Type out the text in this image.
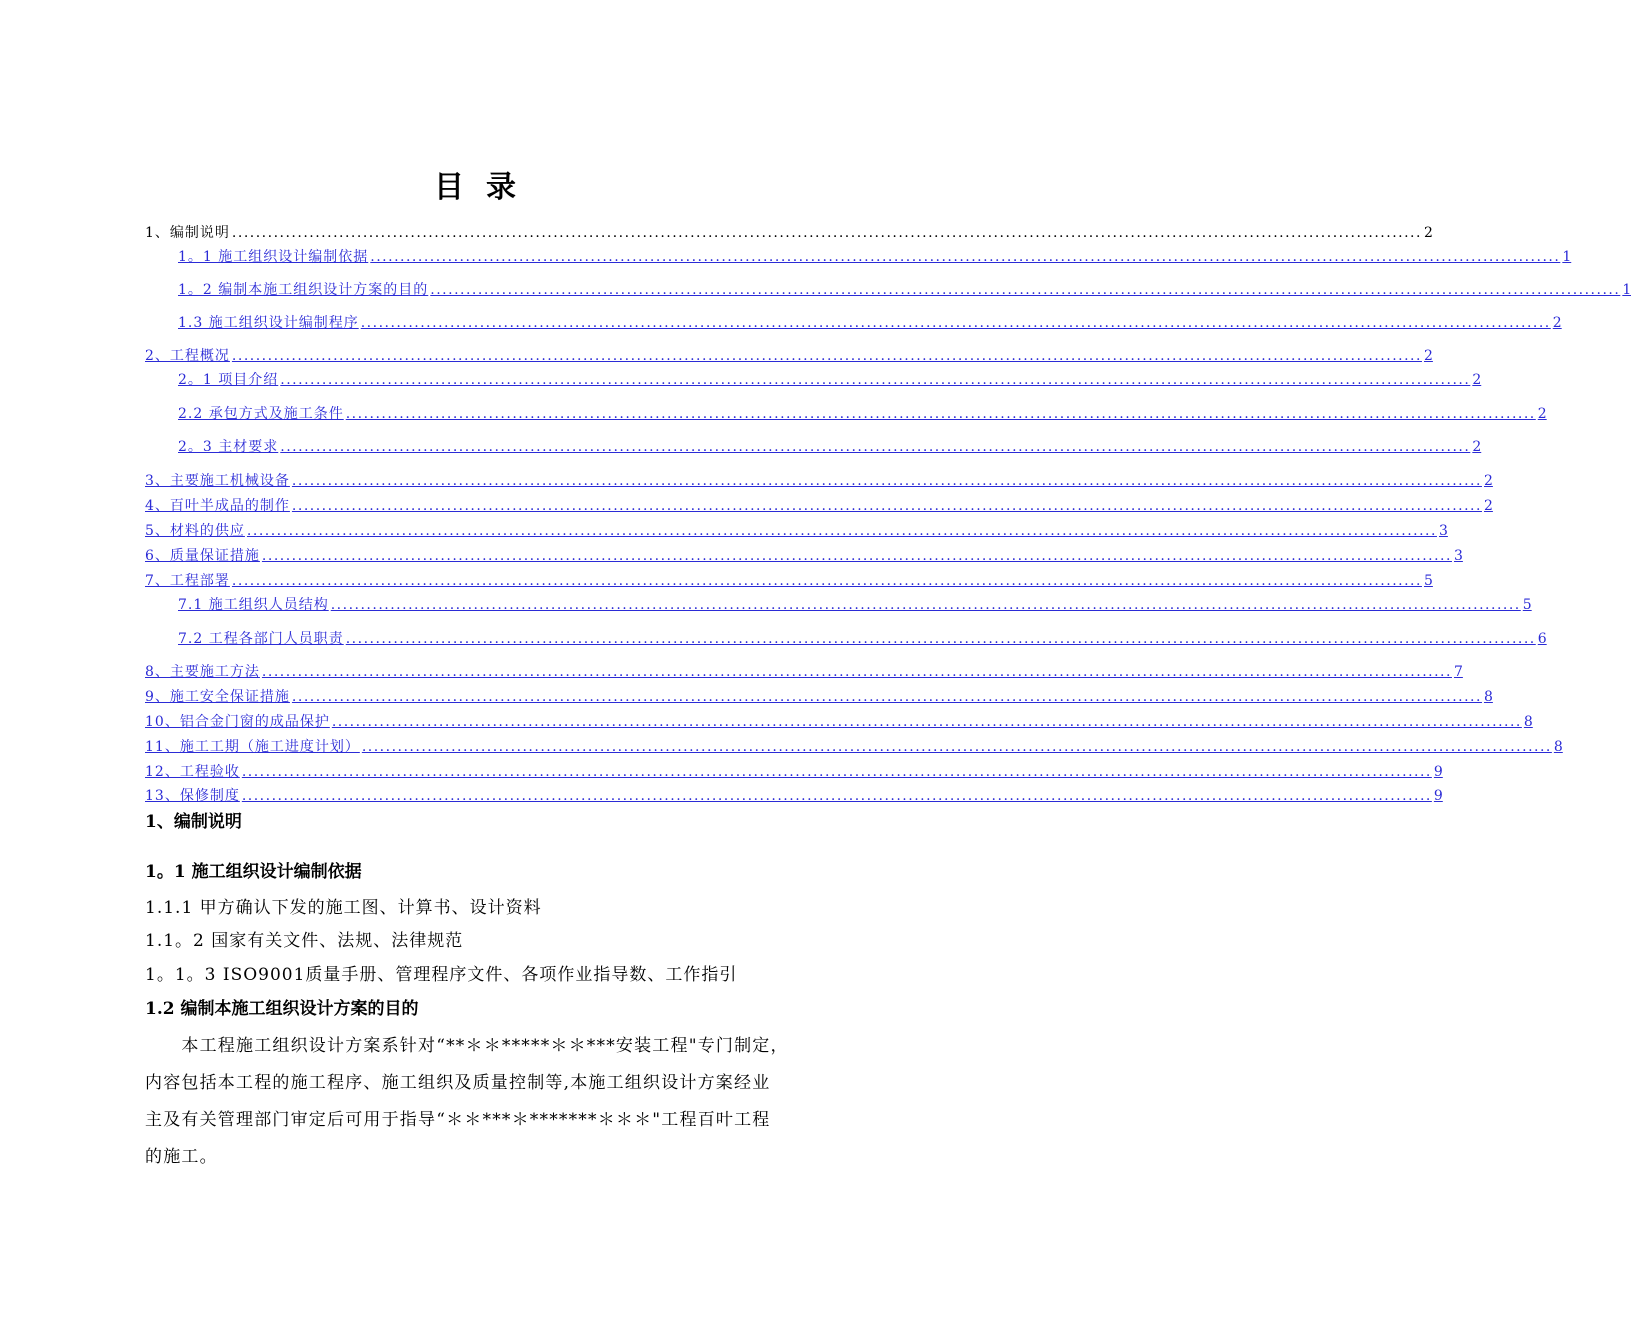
目录
1、编制说明 ........................................................................................................................................................................................................ 2
1。1 施工组织设计编制依据 ........................................................................................................................................................................................................ 1
1。2 编制本施工组织设计方案的目的 ........................................................................................................................................................................................................ 1
1.3 施工组织设计编制程序 ........................................................................................................................................................................................................ 2
2、工程概况 ........................................................................................................................................................................................................ 2
2。1 项目介绍 ........................................................................................................................................................................................................ 2
2.2 承包方式及施工条件 ........................................................................................................................................................................................................ 2
2。3 主材要求 ........................................................................................................................................................................................................ 2
3、主要施工机械设备 ........................................................................................................................................................................................................ 2
4、百叶半成品的制作 ........................................................................................................................................................................................................ 2
5、材料的供应 ........................................................................................................................................................................................................ 3
6、质量保证措施 ........................................................................................................................................................................................................ 3
7、工程部署 ........................................................................................................................................................................................................ 5
7.1 施工组织人员结构 ........................................................................................................................................................................................................ 5
7.2 工程各部门人员职责 ........................................................................................................................................................................................................ 6
8、主要施工方法 ........................................................................................................................................................................................................ 7
9、施工安全保证措施 ........................................................................................................................................................................................................ 8
10、铝合金门窗的成品保护 ........................................................................................................................................................................................................ 8
11、施工工期（施工进度计划） ........................................................................................................................................................................................................ 8
12、工程验收 ........................................................................................................................................................................................................ 9
13、保修制度 ........................................................................................................................................................................................................ 9
1、编制说明
1。1 施工组织设计编制依据
1.1.1 甲方确认下发的施工图、计算书、设计资料
1.1。2 国家有关文件、法规、法律规范
1。1。3 ISO9001质量手册、管理程序文件、各项作业指导数、工作指引
1.2 编制本施工组织设计方案的目的
　　本工程施工组织设计方案系针对“**＊＊*****＊＊***安装工程"专门制定，
内容包括本工程的施工程序、施工组织及质量控制等,本施工组织设计方案经业
主及有关管理部门审定后可用于指导“＊＊***＊*******＊＊＊"工程百叶工程
的施工。
